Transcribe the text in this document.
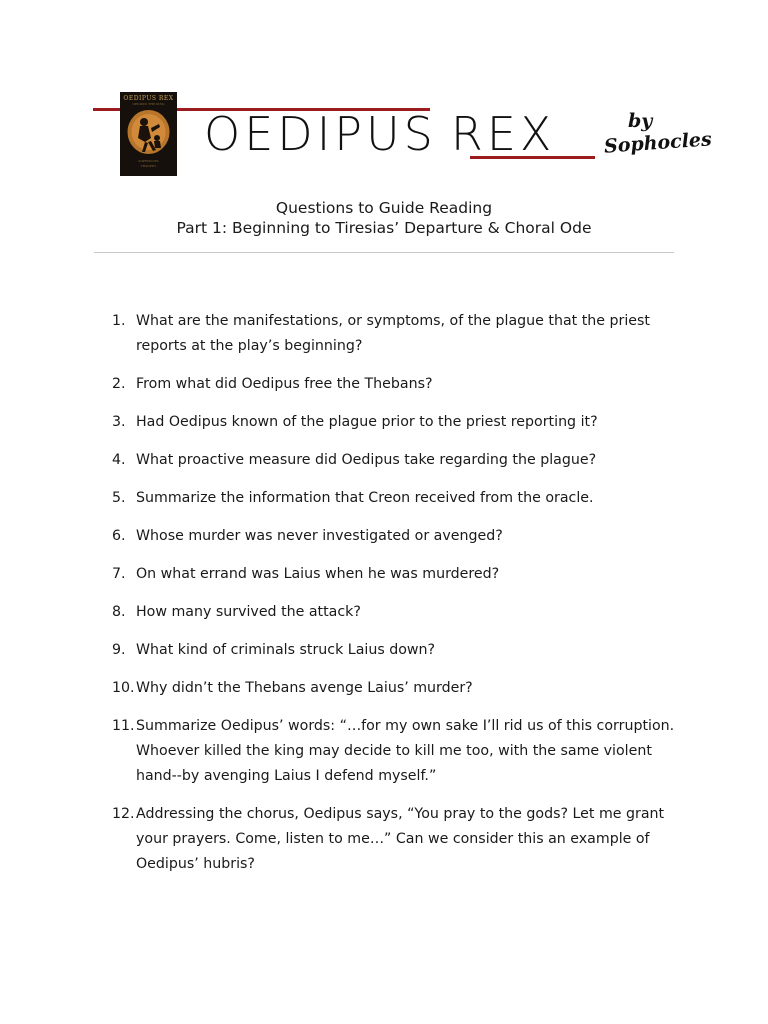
OEDIPUS REX
OEDIPUS THE KING
SOPHOCLES
TRAGEDY
OEDIPUS REX	by
Sophocles
Questions to Guide Reading
Part 1: Beginning to Tiresias’ Departure & Choral Ode
1. What are the manifestations, or symptoms, of the plague that the priest reports at the play’s beginning?
2. From what did Oedipus free the Thebans?
3. Had Oedipus known of the plague prior to the priest reporting it?
4. What proactive measure did Oedipus take regarding the plague?
5. Summarize the information that Creon received from the oracle.
6. Whose murder was never investigated or avenged?
7. On what errand was Laius when he was murdered?
8. How many survived the attack?
9. What kind of criminals struck Laius down?
10. Why didn’t the Thebans avenge Laius’ murder?
11. Summarize Oedipus’ words: “…for my own sake I’ll rid us of this corruption. Whoever killed the king may decide to kill me too, with the same violent hand--by avenging Laius I defend myself.”
12. Addressing the chorus, Oedipus says, “You pray to the gods? Let me grant your prayers. Come, listen to me…” Can we consider this an example of Oedipus’ hubris?
